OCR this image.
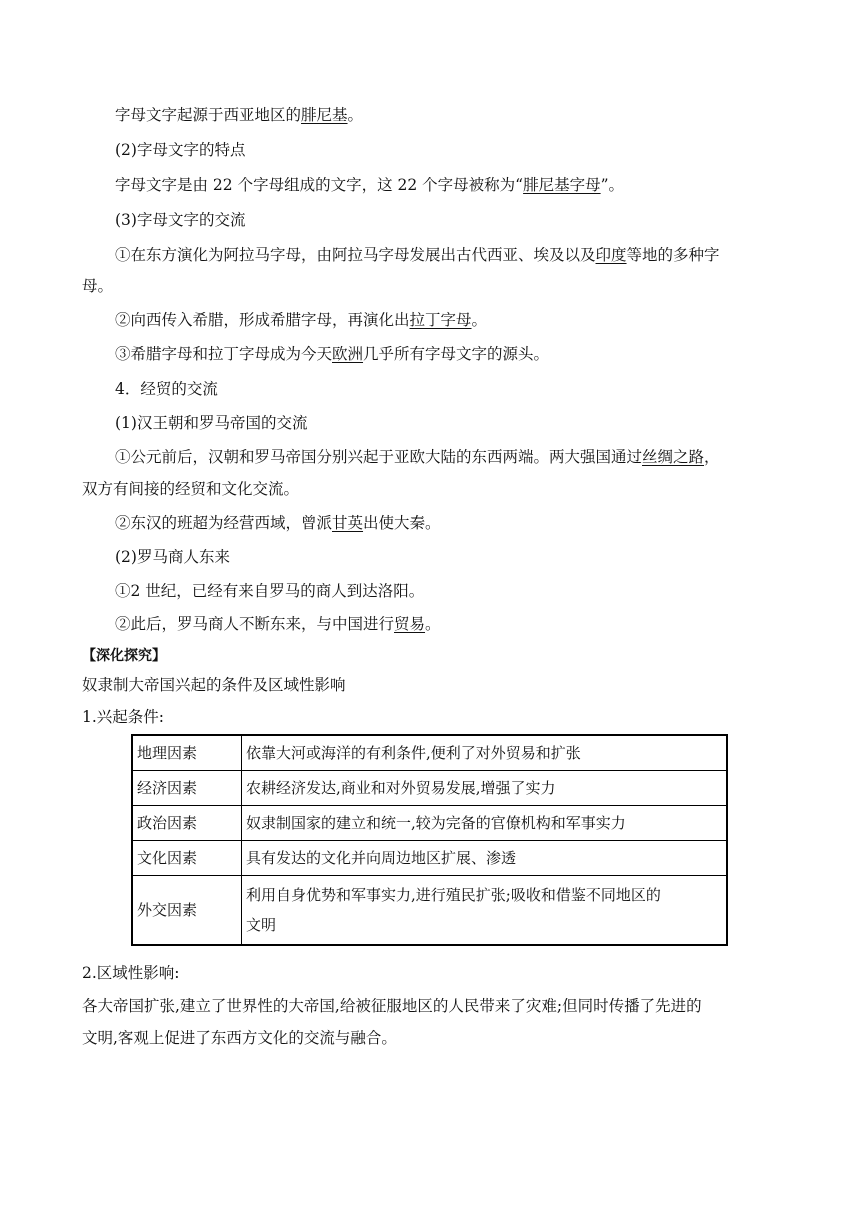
字母文字起源于西亚地区的腓尼基。
(2)字母文字的特点
字母文字是由 22 个字母组成的文字，这 22 个字母被称为“腓尼基字母”。
(3)字母文字的交流
①在东方演化为阿拉马字母，由阿拉马字母发展出古代西亚、埃及以及印度等地的多种字
母。
②向西传入希腊，形成希腊字母，再演化出拉丁字母。
③希腊字母和拉丁字母成为今天欧洲几乎所有字母文字的源头。
4．经贸的交流
(1)汉王朝和罗马帝国的交流
①公元前后，汉朝和罗马帝国分别兴起于亚欧大陆的东西两端。两大强国通过丝绸之路，
双方有间接的经贸和文化交流。
②东汉的班超为经营西域，曾派甘英出使大秦。
(2)罗马商人东来
①2 世纪，已经有来自罗马的商人到达洛阳。
②此后，罗马商人不断东来，与中国进行贸易。
【深化探究】
奴隶制大帝国兴起的条件及区域性影响
1.兴起条件:
地理因素	依靠大河或海洋的有利条件,便利了对外贸易和扩张
经济因素	农耕经济发达,商业和对外贸易发展,增强了实力
政治因素	奴隶制国家的建立和统一,较为完备的官僚机构和军事实力
文化因素	具有发达的文化并向周边地区扩展、渗透
外交因素	利用自身优势和军事实力,进行殖民扩张;吸收和借鉴不同地区的
文明
2.区域性影响:
各大帝国扩张,建立了世界性的大帝国,给被征服地区的人民带来了灾难;但同时传播了先进的
文明,客观上促进了东西方文化的交流与融合。
